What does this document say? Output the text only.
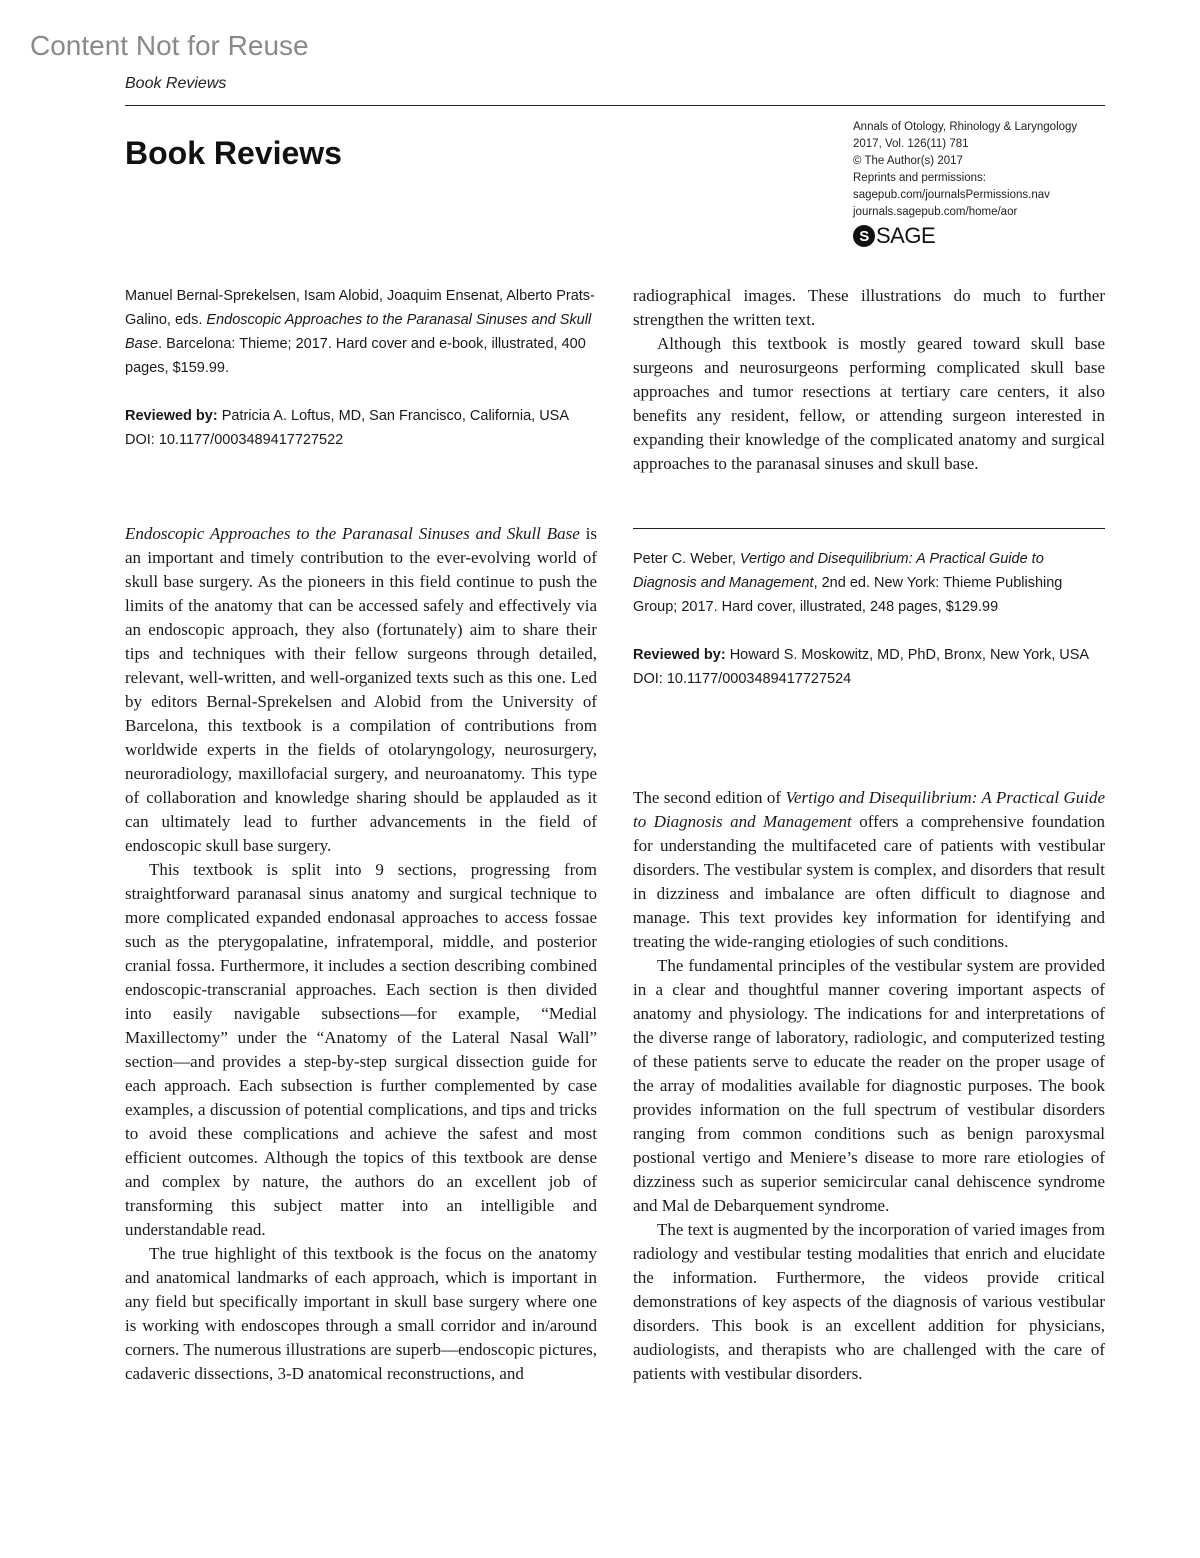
Content Not for Reuse
Book Reviews
Book Reviews
Annals of Otology, Rhinology & Laryngology
2017, Vol. 126(11) 781
© The Author(s) 2017
Reprints and permissions:
sagepub.com/journalsPermissions.nav
journals.sagepub.com/home/aor
S SAGE

Manuel Bernal-Sprekelsen, Isam Alobid, Joaquim Ensenat, Alberto Prats-Galino, eds. Endoscopic Approaches to the Paranasal Sinuses and Skull Base. Barcelona: Thieme; 2017. Hard cover and e-book, illustrated, 400 pages, $159.99.

Reviewed by: Patricia A. Loftus, MD, San Francisco, California, USA

DOI: 10.1177/0003489417727522

Endoscopic Approaches to the Paranasal Sinuses and Skull Base is an important and timely contribution to the ever-evolving world of skull base surgery. As the pioneers in this field continue to push the limits of the anatomy that can be accessed safely and effectively via an endoscopic approach, they also (fortunately) aim to share their tips and techniques with their fellow surgeons through detailed, relevant, well-written, and well-organized texts such as this one. Led by editors Bernal-Sprekelsen and Alobid from the University of Barcelona, this textbook is a compilation of contributions from worldwide experts in the fields of otolaryngology, neurosurgery, neuroradiology, maxillofacial surgery, and neuroanatomy. This type of collaboration and knowledge sharing should be applauded as it can ultimately lead to further advancements in the field of endoscopic skull base surgery.

This textbook is split into 9 sections, progressing from straightforward paranasal sinus anatomy and surgical technique to more complicated expanded endonasal approaches to access fossae such as the pterygopalatine, infratemporal, middle, and posterior cranial fossa. Furthermore, it includes a section describing combined endoscopic-transcranial approaches. Each section is then divided into easily navigable subsections—for example, “Medial Maxillectomy” under the “Anatomy of the Lateral Nasal Wall” section—and provides a step-by-step surgical dissection guide for each approach. Each subsection is further complemented by case examples, a discussion of potential complications, and tips and tricks to avoid these complications and achieve the safest and most efficient outcomes. Although the topics of this textbook are dense and complex by nature, the authors do an excellent job of transforming this subject matter into an intelligible and understandable read.

The true highlight of this textbook is the focus on the anatomy and anatomical landmarks of each approach, which is important in any field but specifically important in skull base surgery where one is working with endoscopes through a small corridor and in/around corners. The numerous illustrations are superb—endoscopic pictures, cadaveric dissections, 3-D anatomical reconstructions, and

radiographical images. These illustrations do much to further strengthen the written text.

Although this textbook is mostly geared toward skull base surgeons and neurosurgeons performing complicated skull base approaches and tumor resections at tertiary care centers, it also benefits any resident, fellow, or attending surgeon interested in expanding their knowledge of the complicated anatomy and surgical approaches to the paranasal sinuses and skull base.

Peter C. Weber, Vertigo and Disequilibrium: A Practical Guide to Diagnosis and Management, 2nd ed. New York: Thieme Publishing Group; 2017. Hard cover, illustrated, 248 pages, $129.99

Reviewed by: Howard S. Moskowitz, MD, PhD, Bronx, New York, USA

DOI: 10.1177/0003489417727524

The second edition of Vertigo and Disequilibrium: A Practical Guide to Diagnosis and Management offers a comprehensive foundation for understanding the multifaceted care of patients with vestibular disorders. The vestibular system is complex, and disorders that result in dizziness and imbalance are often difficult to diagnose and manage. This text provides key information for identifying and treating the wide-ranging etiologies of such conditions.

The fundamental principles of the vestibular system are provided in a clear and thoughtful manner covering important aspects of anatomy and physiology. The indications for and interpretations of the diverse range of laboratory, radiologic, and computerized testing of these patients serve to educate the reader on the proper usage of the array of modalities available for diagnostic purposes. The book provides information on the full spectrum of vestibular disorders ranging from common conditions such as benign paroxysmal postional vertigo and Meniere’s disease to more rare etiologies of dizziness such as superior semicircular canal dehiscence syndrome and Mal de Debarquement syndrome.

The text is augmented by the incorporation of varied images from radiology and vestibular testing modalities that enrich and elucidate the information. Furthermore, the videos provide critical demonstrations of key aspects of the diagnosis of various vestibular disorders. This book is an excellent addition for physicians, audiologists, and therapists who are challenged with the care of patients with vestibular disorders.
